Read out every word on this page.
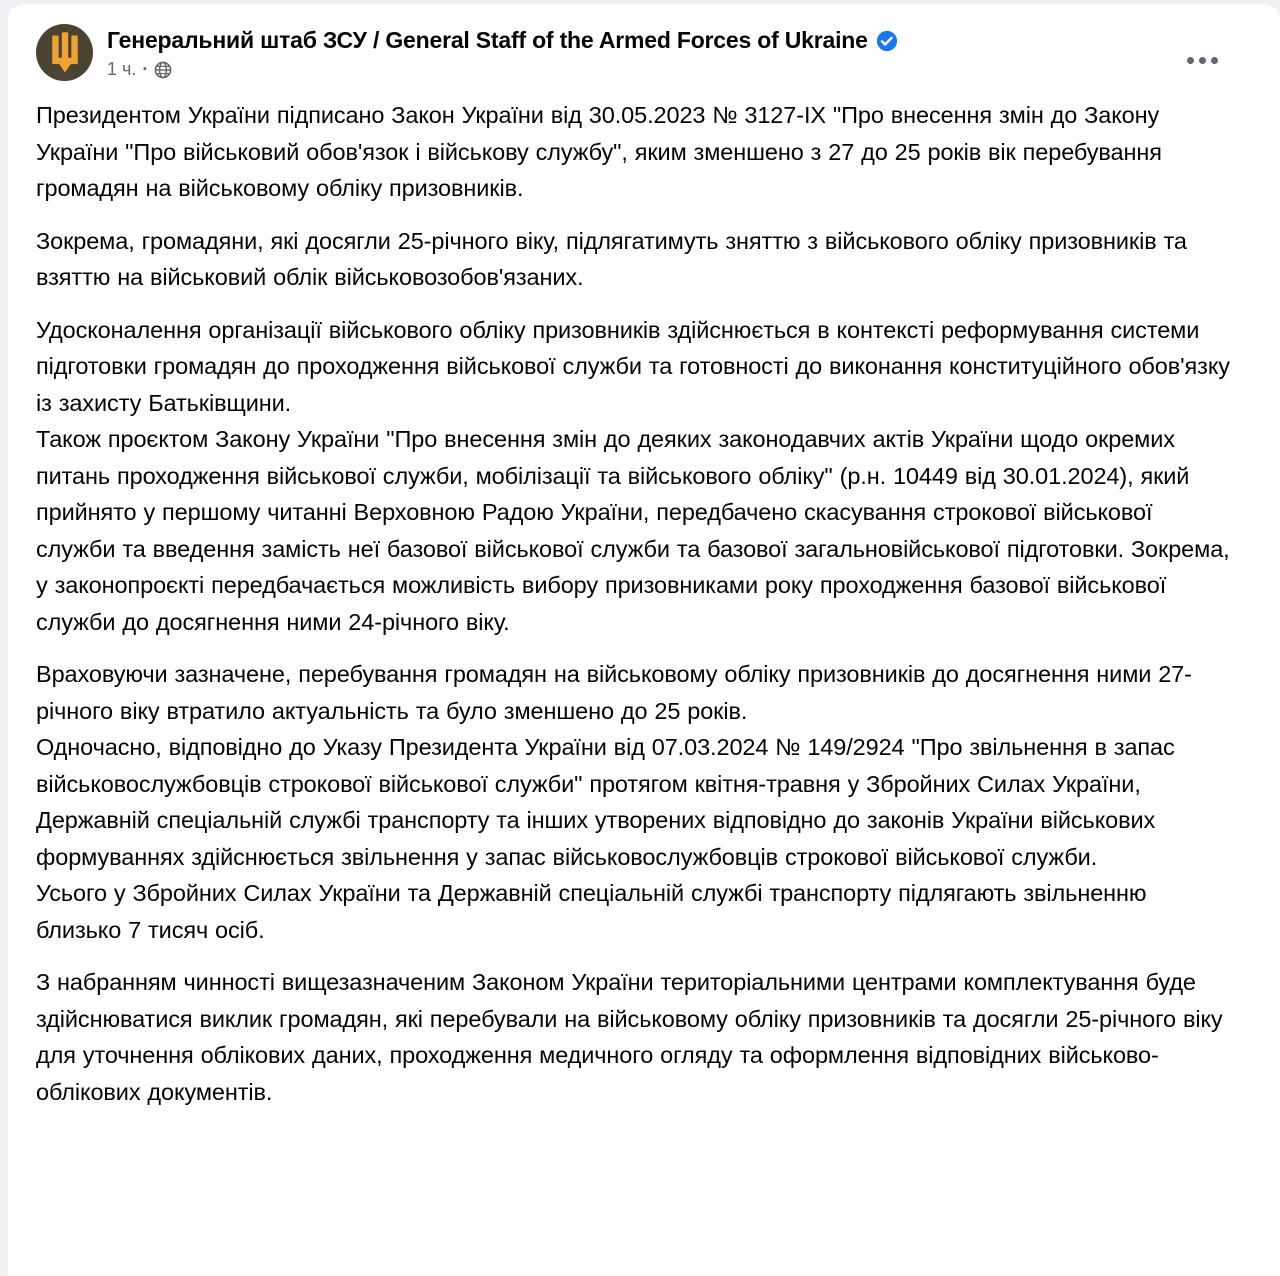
Генеральний штаб ЗСУ / General Staff of the Armed Forces of Ukraine
1 ч. ·
Президентом України підписано Закон України від 30.05.2023 № 3127-IX "Про внесення змін до Закону України "Про військовий обов'язок і військову службу", яким зменшено з 27 до 25 років вік перебування громадян на військовому обліку призовників.
Зокрема, громадяни, які досягли 25-річного віку, підлягатимуть зняттю з військового обліку призовників та взяттю на військовий облік військовозобов'язаних.
Удосконалення організації військового обліку призовників здійснюється в контексті реформування системи підготовки громадян до проходження військової служби та готовності до виконання конституційного обов'язку із захисту Батьківщини.
Також проєктом Закону України "Про внесення змін до деяких законодавчих актів України щодо окремих питань проходження військової служби, мобілізації та військового обліку" (р.н. 10449 від 30.01.2024), який прийнято у першому читанні Верховною Радою України, передбачено скасування строкової військової служби та введення замість неї базової військової служби та базової загальновійськової підготовки. Зокрема, у законопроєкті передбачається можливість вибору призовниками року проходження базової військової служби до досягнення ними 24-річного віку.
Враховуючи зазначене, перебування громадян на військовому обліку призовників до досягнення ними 27-річного віку втратило актуальність та було зменшено до 25 років.
Одночасно, відповідно до Указу Президента України від 07.03.2024 № 149/2924 "Про звільнення в запас військовослужбовців строкової військової служби" протягом квітня-травня у Збройних Силах України, Державній спеціальній службі транспорту та інших утворених відповідно до законів України військових формуваннях здійснюється звільнення у запас військовослужбовців строкової військової служби.
Усього у Збройних Силах України та Державній спеціальній службі транспорту підлягають звільненню близько 7 тисяч осіб.
З набранням чинності вищезазначеним Законом України територіальними центрами комплектування буде здійснюватися виклик громадян, які перебували на військовому обліку призовників та досягли 25-річного віку для уточнення облікових даних, проходження медичного огляду та оформлення відповідних військово-облікових документів.
